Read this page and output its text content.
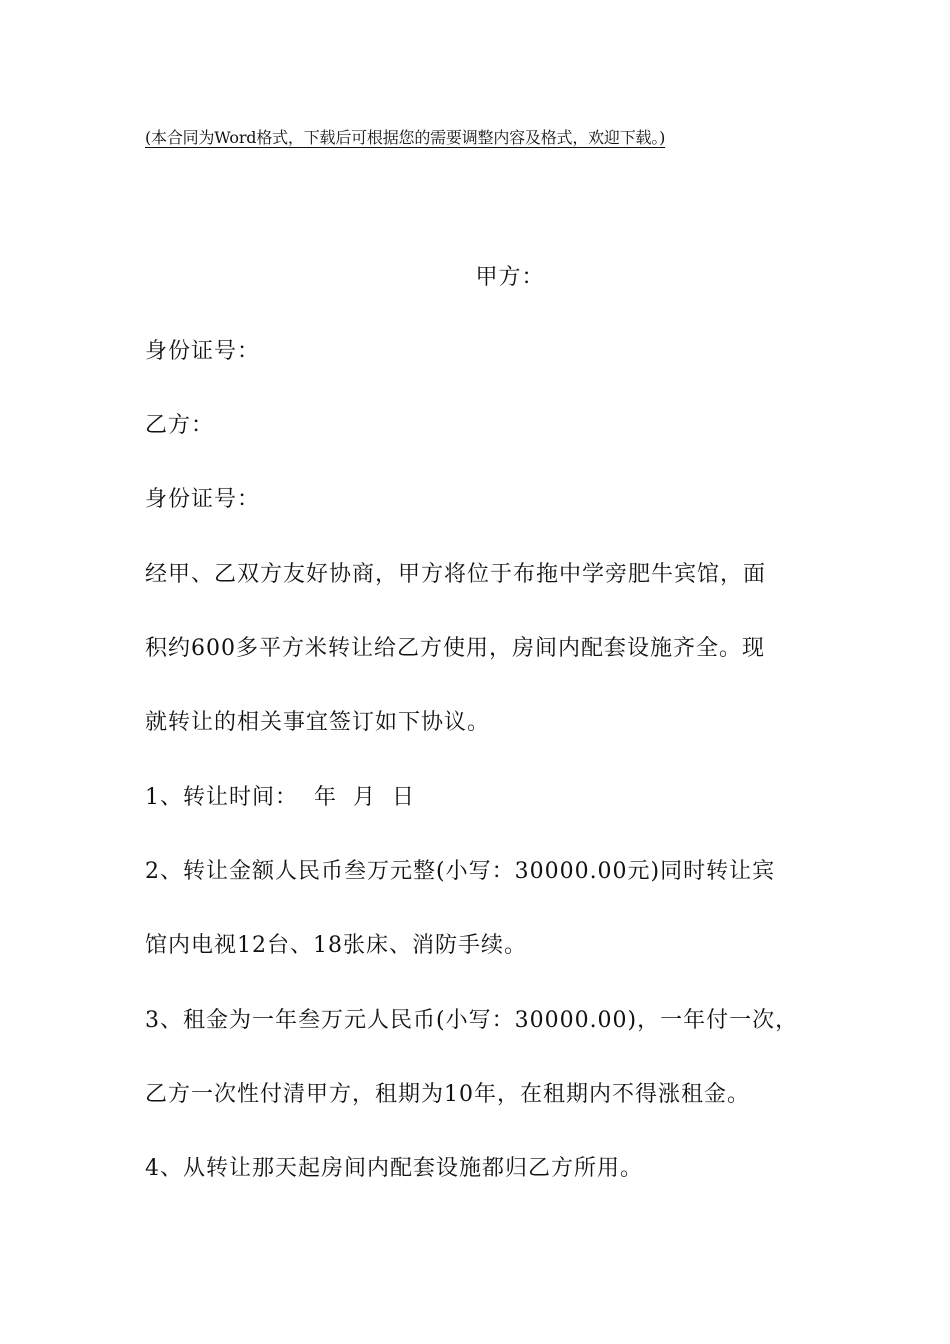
(本合同为Word格式，下载后可根据您的需要调整内容及格式，欢迎下载。)
甲方：
身份证号：
乙方：
身份证号：
经甲、乙双方友好协商，甲方将位于布拖中学旁肥牛宾馆，面
积约600多平方米转让给乙方使用，房间内配套设施齐全。现
就转让的相关事宜签订如下协议。
1、转让时间：  年  月  日
2、转让金额人民币叁万元整(小写：30000.00元)同时转让宾
馆内电视12台、18张床、消防手续。
3、租金为一年叁万元人民币(小写：30000.00)，一年付一次，
乙方一次性付清甲方，租期为10年，在租期内不得涨租金。
4、从转让那天起房间内配套设施都归乙方所用。
